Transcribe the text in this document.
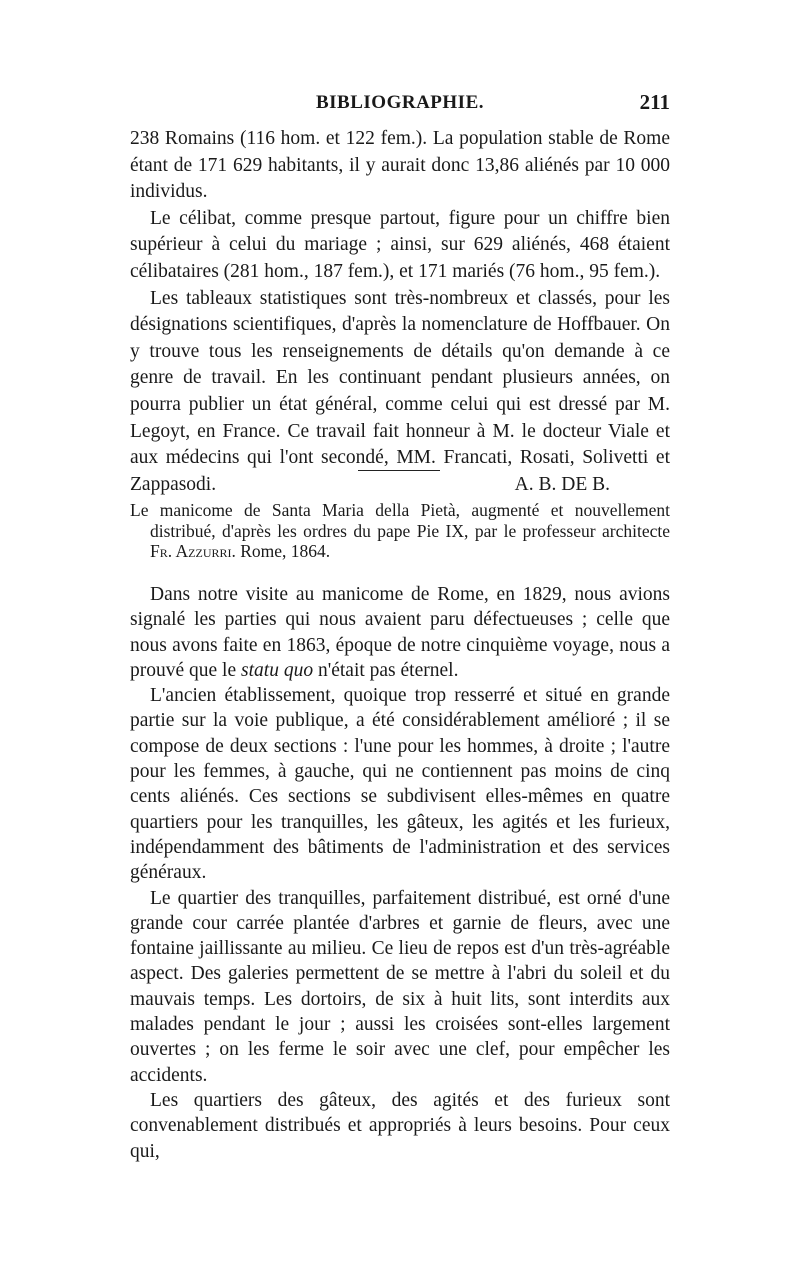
BIBLIOGRAPHIE.	211

238 Romains (116 hom. et 122 fem.). La population stable de Rome étant de 171 629 habitants, il y aurait donc 13,86 aliénés par 10 000 individus.

Le célibat, comme presque partout, figure pour un chiffre bien supérieur à celui du mariage ; ainsi, sur 629 aliénés, 468 étaient célibataires (281 hom., 187 fem.), et 171 mariés (76 hom., 95 fem.).

Les tableaux statistiques sont très-nombreux et classés, pour les désignations scientifiques, d'après la nomenclature de Hoffbauer. On y trouve tous les renseignements de détails qu'on demande à ce genre de travail. En les continuant pendant plusieurs années, on pourra publier un état général, comme celui qui est dressé par M. Legoyt, en France. Ce travail fait honneur à M. le docteur Viale et aux médecins qui l'ont secondé, MM. Francati, Rosati, Solivetti et Zappasodi.	A. B. DE B.

Le manicome de Santa Maria della Pietà, augmenté et nouvellement distribué, d'après les ordres du pape Pie IX, par le professeur architecte Fr. Azzurri. Rome, 1864.

Dans notre visite au manicome de Rome, en 1829, nous avions signalé les parties qui nous avaient paru défectueuses ; celle que nous avons faite en 1863, époque de notre cinquième voyage, nous a prouvé que le statu quo n'était pas éternel.

L'ancien établissement, quoique trop resserré et situé en grande partie sur la voie publique, a été considérablement amélioré ; il se compose de deux sections : l'une pour les hommes, à droite ; l'autre pour les femmes, à gauche, qui ne contiennent pas moins de cinq cents aliénés. Ces sections se subdivisent elles-mêmes en quatre quartiers pour les tranquilles, les gâteux, les agités et les furieux, indépendamment des bâtiments de l'administration et des services généraux.

Le quartier des tranquilles, parfaitement distribué, est orné d'une grande cour carrée plantée d'arbres et garnie de fleurs, avec une fontaine jaillissante au milieu. Ce lieu de repos est d'un très-agréable aspect. Des galeries permettent de se mettre à l'abri du soleil et du mauvais temps. Les dortoirs, de six à huit lits, sont interdits aux malades pendant le jour ; aussi les croisées sont-elles largement ouvertes ; on les ferme le soir avec une clef, pour empêcher les accidents.

Les quartiers des gâteux, des agités et des furieux sont convenablement distribués et appropriés à leurs besoins. Pour ceux qui,
